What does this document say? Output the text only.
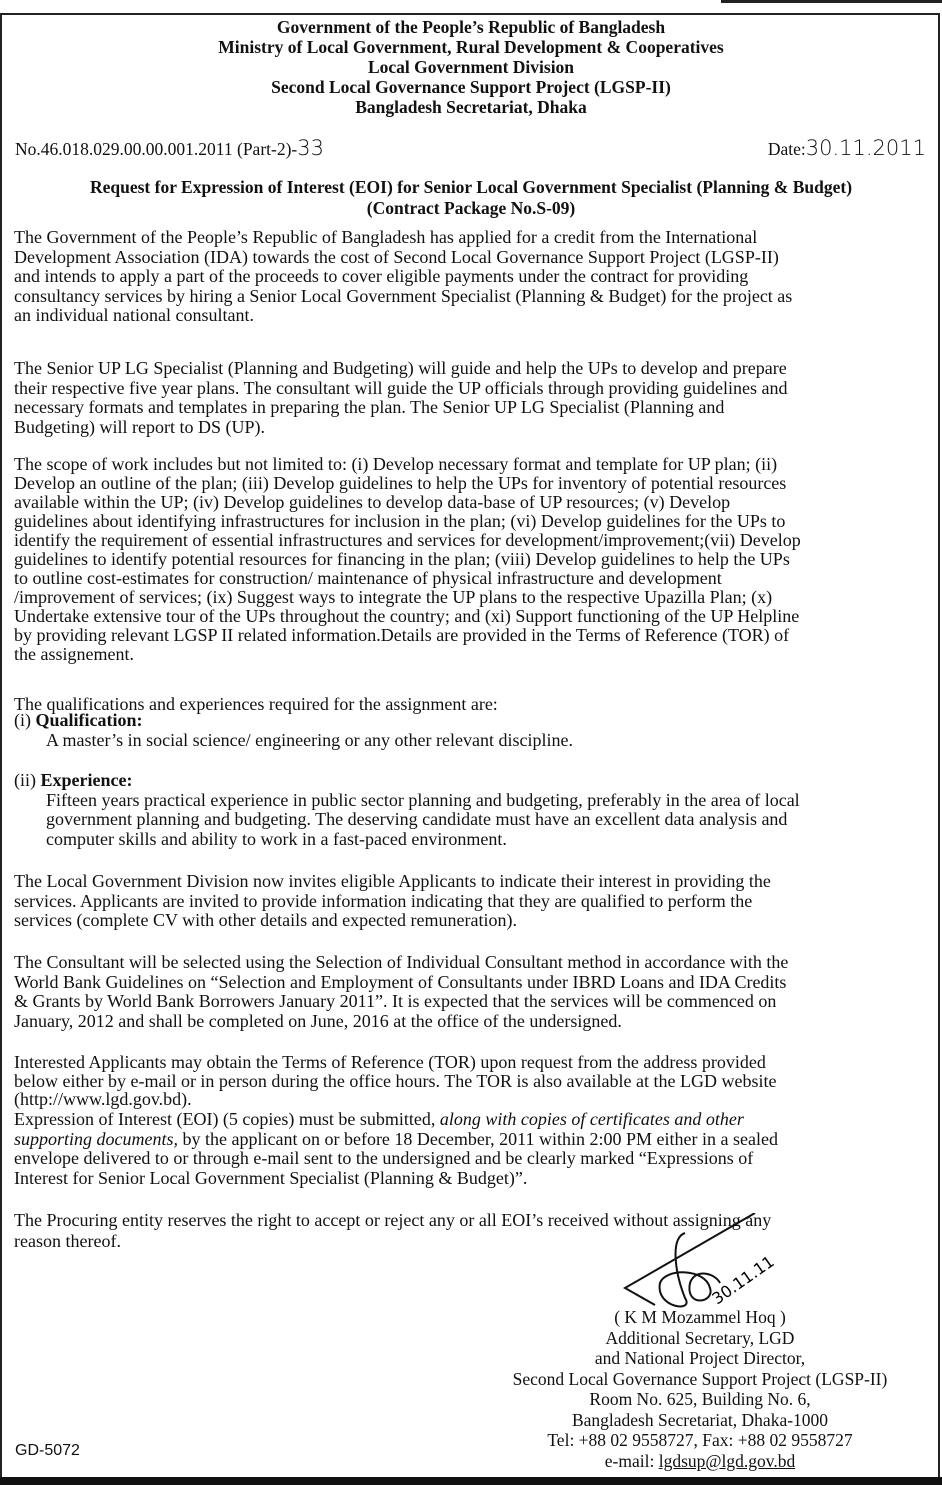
Government of the People’s Republic of Bangladesh
Ministry of Local Government, Rural Development & Cooperatives
Local Government Division
Second Local Governance Support Project (LGSP-II)
Bangladesh Secretariat, Dhaka
No.46.018.029.00.00.001.2011 (Part-2)-33	Date:30.11.2011
Request for Expression of Interest (EOI) for Senior Local Government Specialist (Planning & Budget)
(Contract Package No.S-09)
The Government of the People’s Republic of Bangladesh has applied for a credit from the International
Development Association (IDA) towards the cost of Second Local Governance Support Project (LGSP-II)
and intends to apply a part of the proceeds to cover eligible payments under the contract for providing
consultancy services by hiring a Senior Local Government Specialist (Planning & Budget) for the project as
an individual national consultant.
The Senior UP LG Specialist (Planning and Budgeting) will guide and help the UPs to develop and prepare
their respective five year plans. The consultant will guide the UP officials through providing guidelines and
necessary formats and templates in preparing the plan. The Senior UP LG Specialist (Planning and
Budgeting) will report to DS (UP).
The scope of work includes but not limited to: (i) Develop necessary format and template for UP plan; (ii)
Develop an outline of the plan; (iii) Develop guidelines to help the UPs for inventory of potential resources
available within the UP; (iv) Develop guidelines to develop data-base of UP resources; (v) Develop
guidelines about identifying infrastructures for inclusion in the plan; (vi) Develop guidelines for the UPs to
identify the requirement of essential infrastructures and services for development/improvement;(vii) Develop
guidelines to identify potential resources for financing in the plan; (viii) Develop guidelines to help the UPs
to outline cost-estimates for construction/ maintenance of physical infrastructure and development
/improvement of services; (ix) Suggest ways to integrate the UP plans to the respective Upazilla Plan; (x)
Undertake extensive tour of the UPs throughout the country; and (xi) Support functioning of the UP Helpline
by providing relevant LGSP II related information.Details are provided in the Terms of Reference (TOR) of
the assignement.
The qualifications and experiences required for the assignment are:
(i) Qualification:
A master’s in social science/ engineering or any other relevant discipline.
(ii) Experience:
Fifteen years practical experience in public sector planning and budgeting, preferably in the area of local
government planning and budgeting. The deserving candidate must have an excellent data analysis and
computer skills and ability to work in a fast-paced environment.
The Local Government Division now invites eligible Applicants to indicate their interest in providing the
services. Applicants are invited to provide information indicating that they are qualified to perform the
services (complete CV with other details and expected remuneration).
The Consultant will be selected using the Selection of Individual Consultant method in accordance with the
World Bank Guidelines on “Selection and Employment of Consultants under IBRD Loans and IDA Credits
& Grants by World Bank Borrowers January 2011”. It is expected that the services will be commenced on
January, 2012 and shall be completed on June, 2016 at the office of the undersigned.
Interested Applicants may obtain the Terms of Reference (TOR) upon request from the address provided
below either by e-mail or in person during the office hours. The TOR is also available at the LGD website
(http://www.lgd.gov.bd).
Expression of Interest (EOI) (5 copies) must be submitted, along with copies of certificates and other
supporting documents, by the applicant on or before 18 December, 2011 within 2:00 PM either in a sealed
envelope delivered to or through e-mail sent to the undersigned and be clearly marked “Expressions of
Interest for Senior Local Government Specialist (Planning & Budget)”.
The Procuring entity reserves the right to accept or reject any or all EOI’s received without assigning any
reason thereof.
30.11.11
( K M Mozammel Hoq )
Additional Secretary, LGD
and National Project Director,
Second Local Governance Support Project (LGSP-II)
Room No. 625, Building No. 6,
Bangladesh Secretariat, Dhaka-1000
Tel: +88 02 9558727, Fax: +88 02 9558727
e-mail: lgdsup@lgd.gov.bd
GD-5072
